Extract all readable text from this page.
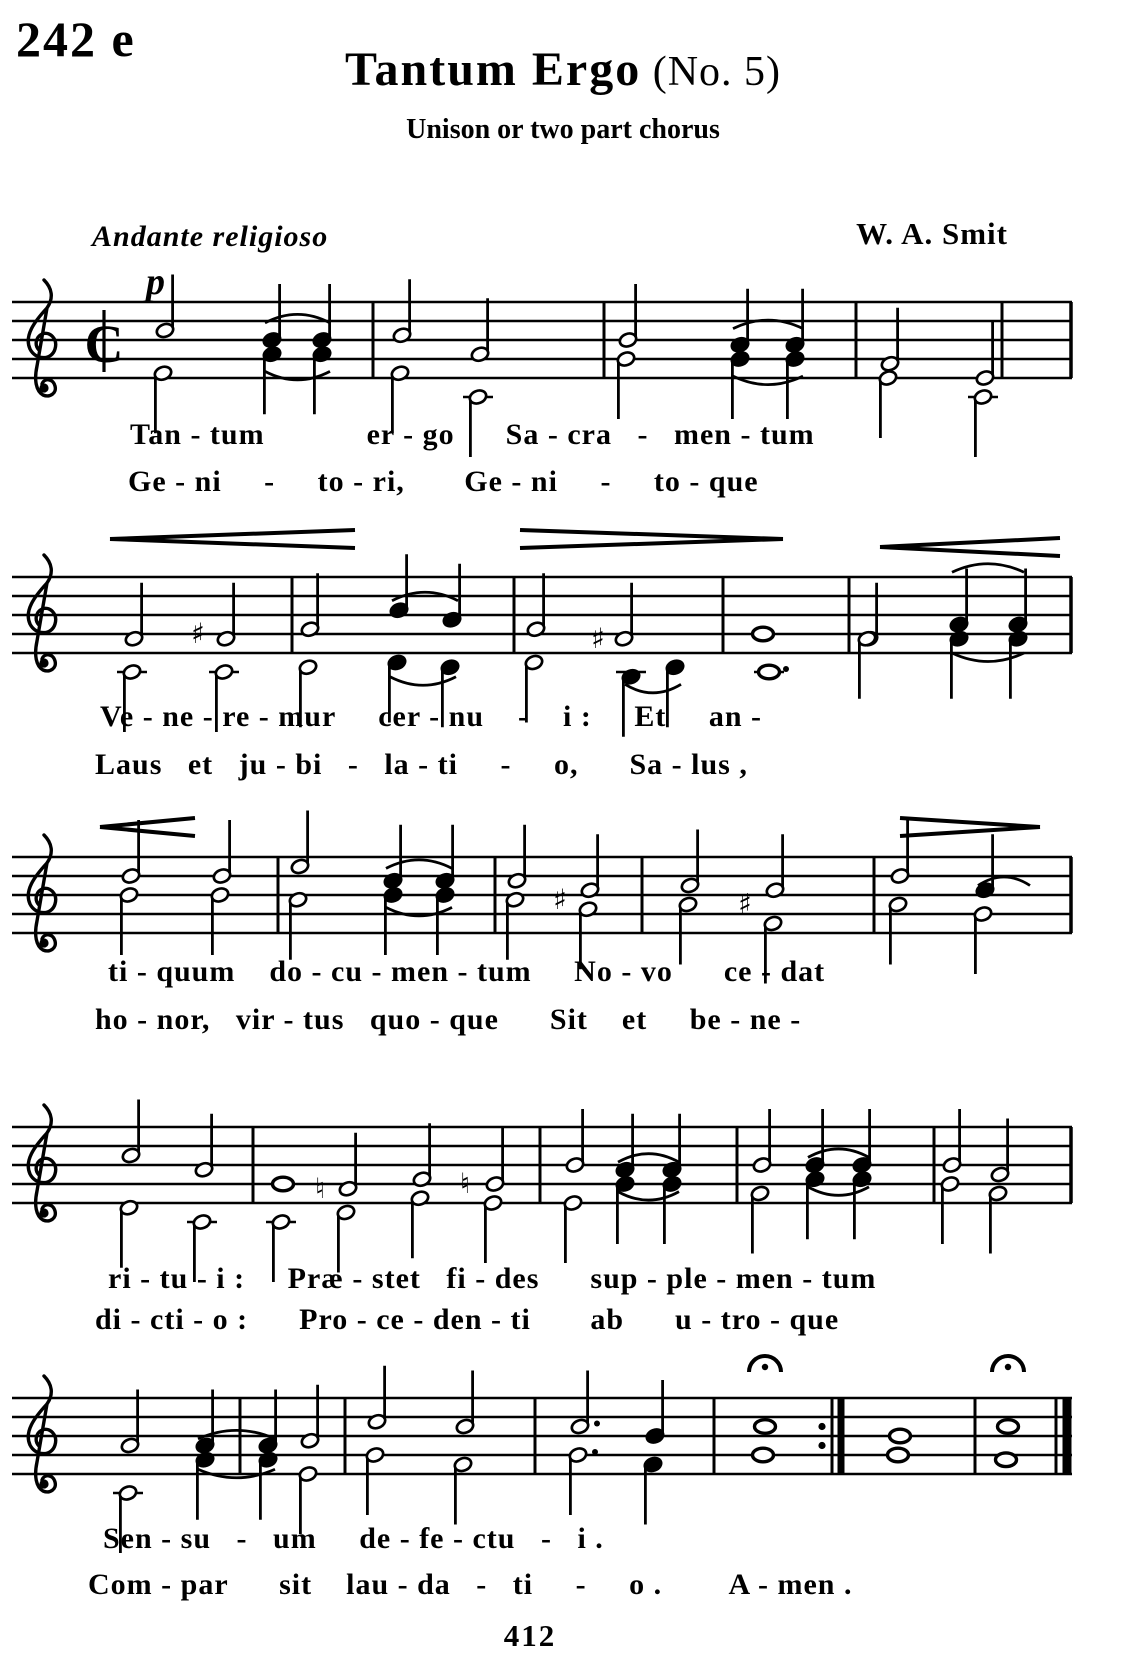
242 e
Tantum Ergo (No. 5)
Unison or two part chorus
Andante religioso	W. A. Smit
C
p
Tan - tum            er - go      Sa - cra   -   men - tum
Ge - ni     -     to - ri,       Ge - ni     -     to - que
♯	♯
Ve - ne - re - mur     cer - nu    -    i :     Et     an -
Laus   et   ju - bi   -   la - ti     -     o,      Sa - lus ,
♯	♯
ti - quum    do - cu - men - tum     No - vo      ce - dat
ho - nor,   vir - tus   quo - que      Sit    et     be - ne -
♮	♮
ri - tu - i :     Præ - stet   fi - des      sup - ple - men - tum
di - cti - o :      Pro - ce - den - ti       ab      u - tro - que
Sen - su   -   um     de - fe - ctu   -   i .
Com - par      sit    lau - da   -   ti     -     o .        A - men .
412
